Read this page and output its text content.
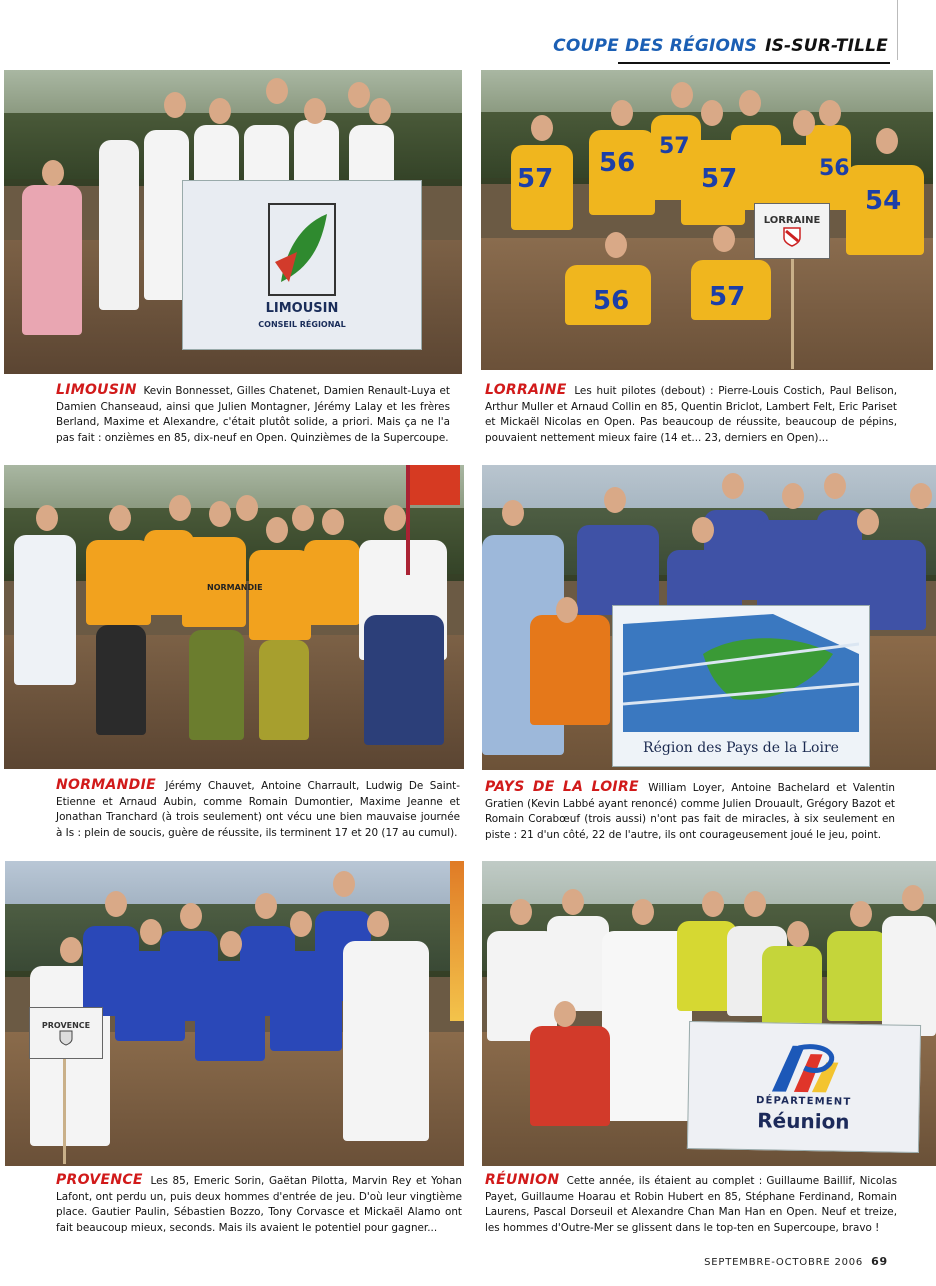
COUPE DES RÉGIONS IS-SUR-TILLE
LIMOUSIN
CONSEIL RÉGIONAL
57
56
57
57
56
54
56
57
LORRAINE
LIMOUSIN Kevin Bonnesset, Gilles Chatenet, Damien Renault-Luya et Damien Chanseaud, ainsi que Julien Montagner, Jérémy Lalay et les frères Berland, Maxime et Alexandre, c'était plutôt solide, a priori. Mais ça ne l'a pas fait : onzièmes en 85, dix-neuf en Open. Quinzièmes de la Supercoupe.
LORRAINE Les huit pilotes (debout) : Pierre-Louis Costich, Paul Belison, Arthur Muller et Arnaud Collin en 85, Quentin Briclot, Lambert Felt, Eric Pariset et Mickaël Nicolas en Open. Pas beaucoup de réussite, beaucoup de pépins, pouvaient nettement mieux faire (14 et... 23, derniers en Open)...
NORMANDIE
Région des Pays de la Loire
NORMANDIE Jérémy Chauvet, Antoine Charrault, Ludwig De Saint-Etienne et Arnaud Aubin, comme Romain Dumontier, Maxime Jeanne et Jonathan Tranchard (à trois seulement) ont vécu une bien mauvaise journée à Is : plein de soucis, guère de réussite, ils terminent 17 et 20 (17 au cumul).
PAYS DE LA LOIRE William Loyer, Antoine Bachelard et Valentin Gratien (Kevin Labbé ayant renoncé) comme Julien Drouault, Grégory Bazot et Romain Corabœuf (trois aussi) n'ont pas fait de miracles, à six seulement en piste : 21 d'un côté, 22 de l'autre, ils ont courageusement joué le jeu, point.
PROVENCE
DÉPARTEMENT
Réunion
PROVENCE Les 85, Emeric Sorin, Gaëtan Pilotta, Marvin Rey et Yohan Lafont, ont perdu un, puis deux hommes d'entrée de jeu. D'où leur vingtième place. Gautier Paulin, Sébastien Bozzo, Tony Corvasce et Mickaël Alamo ont fait beaucoup mieux, seconds. Mais ils avaient le potentiel pour gagner...
RÉUNION Cette année, ils étaient au complet : Guillaume Baillif, Nicolas Payet, Guillaume Hoarau et Robin Hubert en 85, Stéphane Ferdinand, Romain Laurens, Pascal Dorseuil et Alexandre Chan Man Han en Open. Neuf et treize, les hommes d'Outre-Mer se glissent dans le top-ten en Supercoupe, bravo !
SEPTEMBRE-OCTOBRE 2006 69
